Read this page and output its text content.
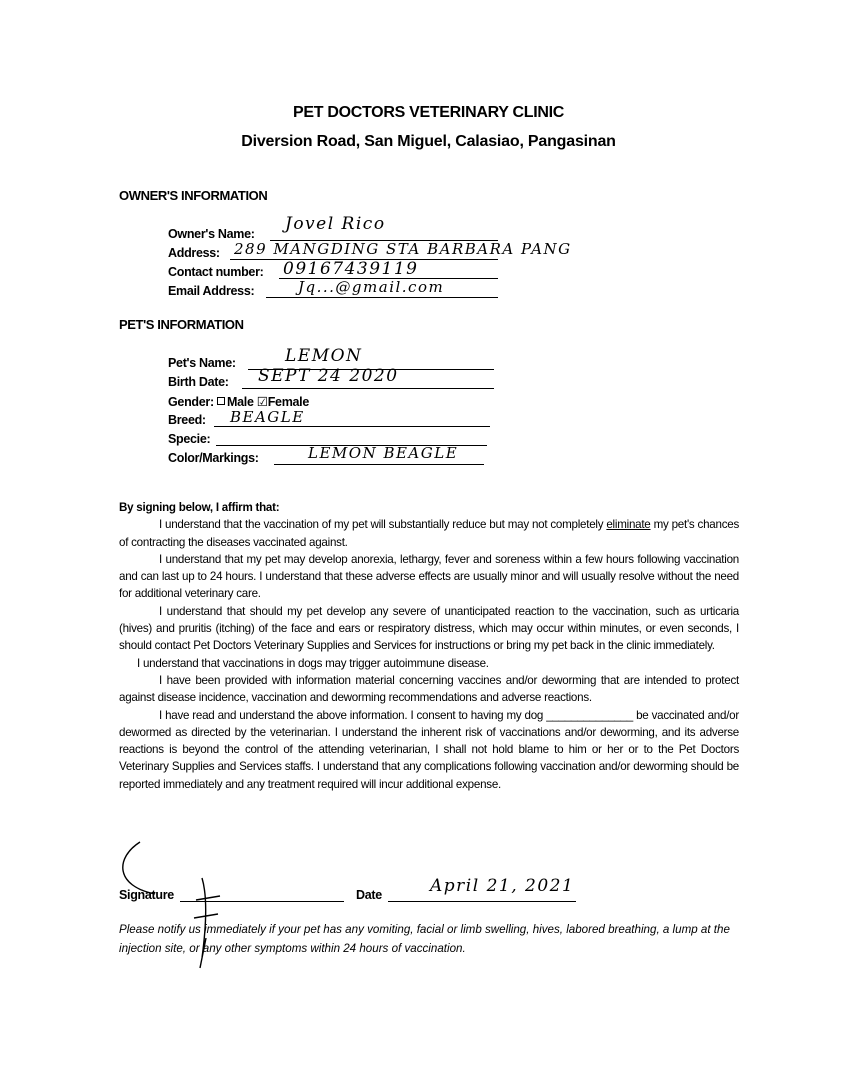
PET DOCTORS VETERINARY CLINIC
Diversion Road, San Miguel, Calasiao, Pangasinan
OWNER'S INFORMATION
Owner's Name: Jovel Rico
Address: 289 MANGDING STA BARBARA PANG
Contact number: 09167439119
Email Address:	Jq...@gmail.com
PET'S INFORMATION
Pet's Name:	LEMON
Birth Date: SEPT 24 2020
Gender: Male ☑Female
Breed: BEAGLE
Specie:
Color/Markings:	LEMON BEAGLE

By signing below, I affirm that:

I understand that the vaccination of my pet will substantially reduce but may not completely eliminate my pet's chances of contracting the diseases vaccinated against.

I understand that my pet may develop anorexia, lethargy, fever and soreness within a few hours following vaccination and can last up to 24 hours. I understand that these adverse effects are usually minor and will usually resolve without the need for additional veterinary care.

I understand that should my pet develop any severe of unanticipated reaction to the vaccination, such as urticaria (hives) and pruritis (itching) of the face and ears or respiratory distress, which may occur within minutes, or even seconds, I should contact Pet Doctors Veterinary Supplies and Services for instructions or bring my pet back in the clinic immediately.

I understand that vaccinations in dogs may trigger autoimmune disease.

I have been provided with information material concerning vaccines and/or deworming that are intended to protect against disease incidence, vaccination and deworming recommendations and adverse reactions.

I have read and understand the above information. I consent to having my dog ______________ be vaccinated and/or dewormed as directed by the veterinarian. I understand the inherent risk of vaccinations and/or deworming, and its adverse reactions is beyond the control of the attending veterinarian, I shall not hold blame to him or her or to the Pet Doctors Veterinary Supplies and Services staffs. I understand that any complications following vaccination and/or deworming should be reported immediately and any treatment required will incur additional expense.

Signature	Date	April 21, 2021
Please notify us immediately if your pet has any vomiting, facial or limb swelling, hives, labored breathing, a lump at the injection site, or any other symptoms within 24 hours of vaccination.
